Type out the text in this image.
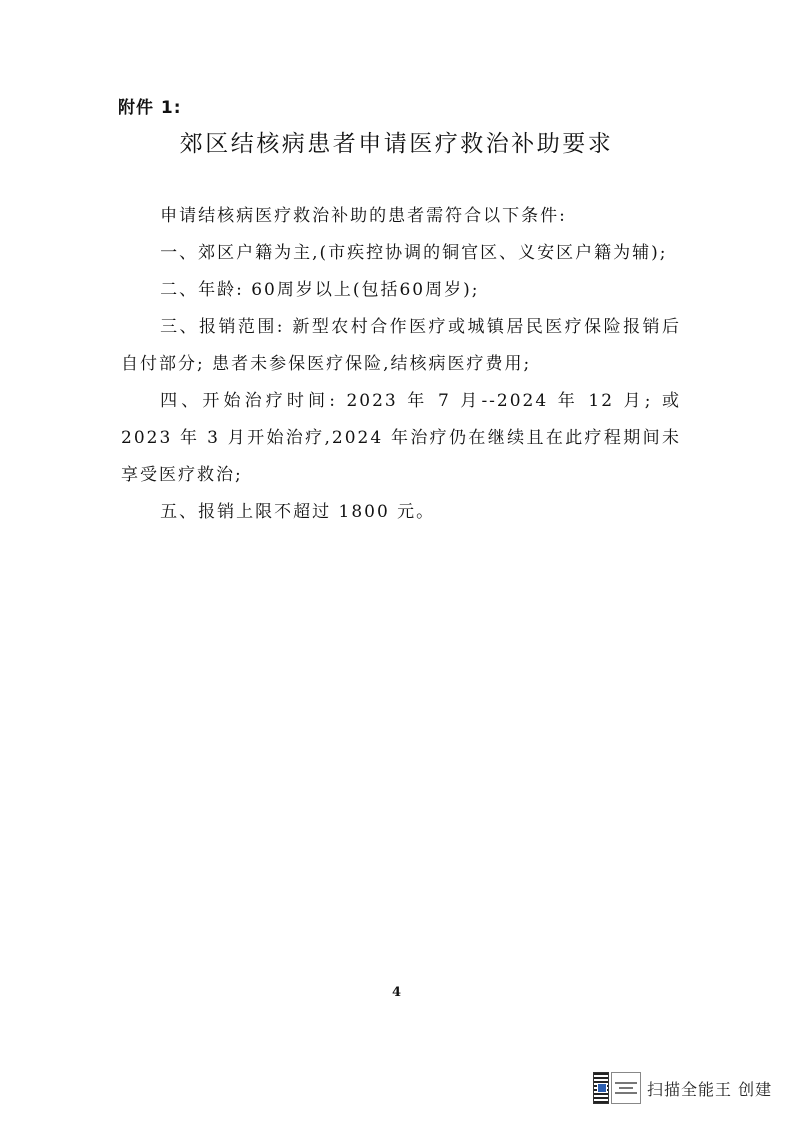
附件 1:
郊区结核病患者申请医疗救治补助要求

申请结核病医疗救治补助的患者需符合以下条件:

一、郊区户籍为主,(市疾控协调的铜官区、义安区户籍为辅);

二、年龄: 60周岁以上(包括60周岁);

三、报销范围: 新型农村合作医疗或城镇居民医疗保险报销后自付部分; 患者未参保医疗保险,结核病医疗费用;

四、开始治疗时间: 2023 年 7 月--2024 年 12 月; 或 2023 年 3 月开始治疗,2024 年治疗仍在继续且在此疗程期间未享受医疗救治;

五、报销上限不超过 1800 元。

4
扫描全能王 创建
